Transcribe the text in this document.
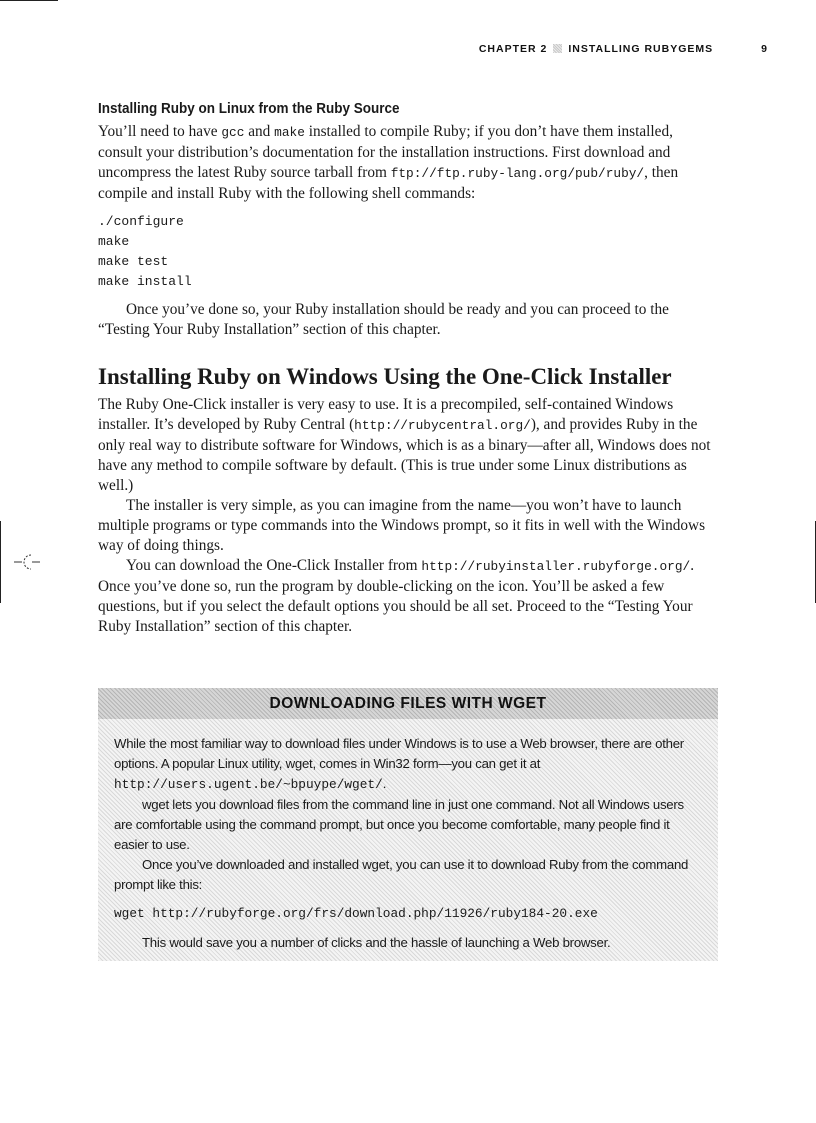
CHAPTER 2 INSTALLING RUBYGEMS	9
Installing Ruby on Linux from the Ruby Source

You’ll need to have gcc and make installed to compile Ruby; if you don’t have them installed, consult your distribution’s documentation for the installation instructions. First download and uncompress the latest Ruby source tarball from ftp://ftp.ruby-lang.org/pub/ruby/, then compile and install Ruby with the following shell commands:

./configure
make
make test
make install

Once you’ve done so, your Ruby installation should be ready and you can proceed to the “Testing Your Ruby Installation” section of this chapter.

Installing Ruby on Windows Using the One-Click Installer

The Ruby One-Click installer is very easy to use. It is a precompiled, self-contained Windows installer. It’s developed by Ruby Central (http://rubycentral.org/), and provides Ruby in the only real way to distribute software for Windows, which is as a binary—after all, Windows does not have any method to compile software by default. (This is true under some Linux distributions as well.)

The installer is very simple, as you can imagine from the name—you won’t have to launch multiple programs or type commands into the Windows prompt, so it fits in well with the Windows way of doing things.

You can download the One-Click Installer from http://rubyinstaller.rubyforge.org/. Once you’ve done so, run the program by double-clicking on the icon. You’ll be asked a few questions, but if you select the default options you should be all set. Proceed to the “Testing Your Ruby Installation” section of this chapter.

DOWNLOADING FILES WITH WGET

While the most familiar way to download files under Windows is to use a Web browser, there are other options. A popular Linux utility, wget, comes in Win32 form—you can get it at http://users.ugent.be/~bpuype/wget/.

wget lets you download files from the command line in just one command. Not all Windows users are comfortable using the command prompt, but once you become comfortable, many people find it easier to use.

Once you’ve downloaded and installed wget, you can use it to download Ruby from the command prompt like this:

wget http://rubyforge.org/frs/download.php/11926/ruby184-20.exe

This would save you a number of clicks and the hassle of launching a Web browser.
